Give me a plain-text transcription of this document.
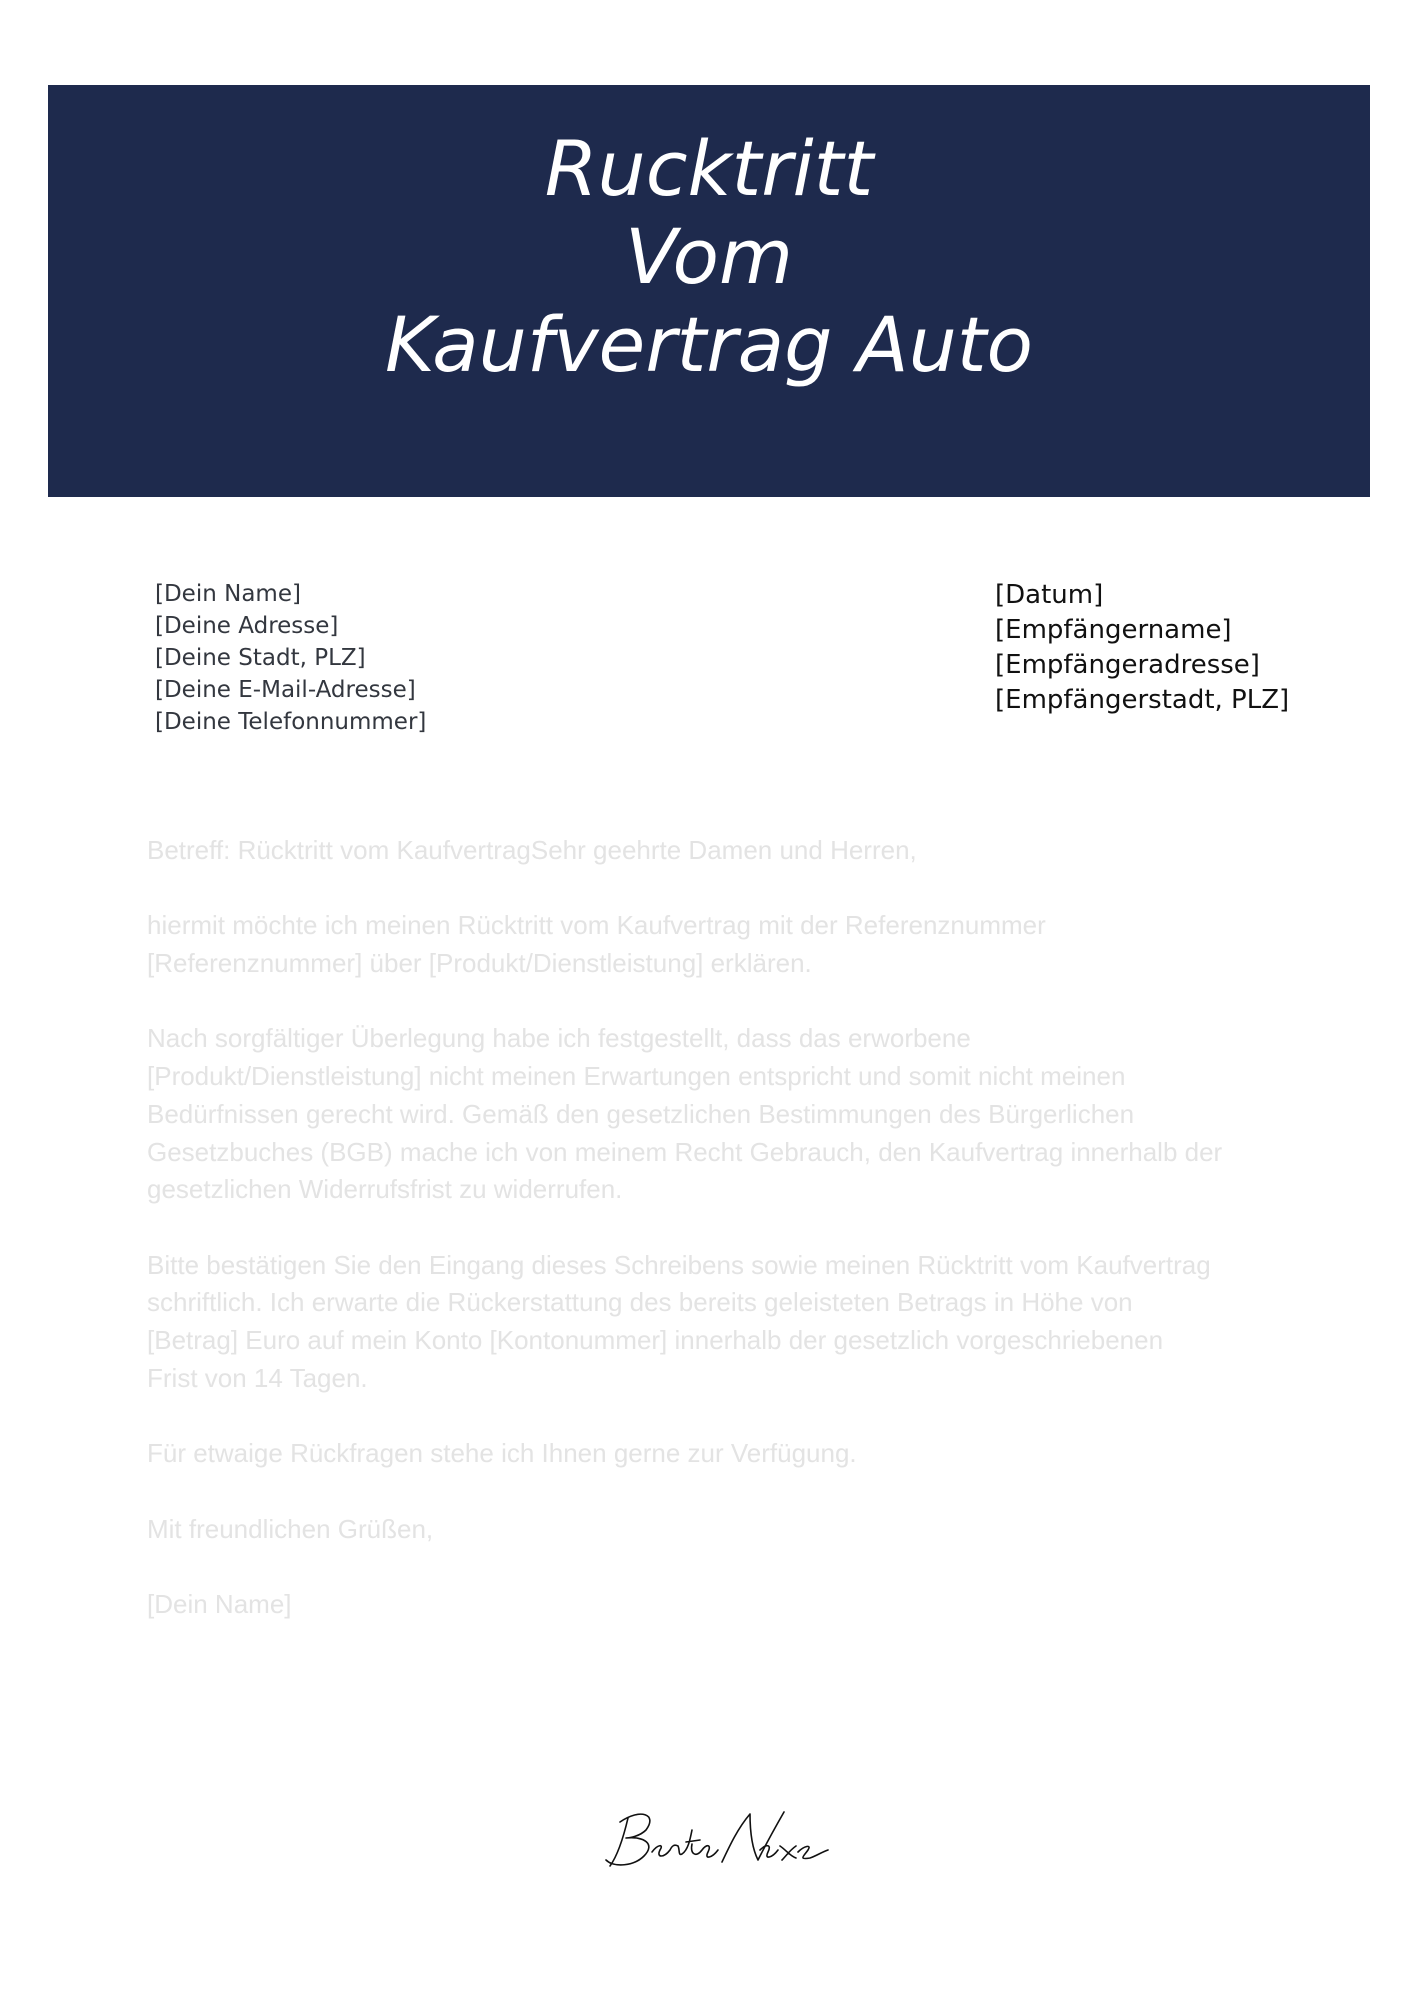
Rucktritt
Vom
Kaufvertrag Auto
[Dein Name]
[Deine Adresse]
[Deine Stadt, PLZ]
[Deine E-Mail-Adresse]
[Deine Telefonnummer]
[Datum]
[Empfängername]
[Empfängeradresse]
[Empfängerstadt, PLZ]

Betreff: Rücktritt vom KaufvertragSehr geehrte Damen und Herren,

hiermit möchte ich meinen Rücktritt vom Kaufvertrag mit der Referenznummer
[Referenznummer] über [Produkt/Dienstleistung] erklären.

Nach sorgfältiger Überlegung habe ich festgestellt, dass das erworbene
[Produkt/Dienstleistung] nicht meinen Erwartungen entspricht und somit nicht meinen
Bedürfnissen gerecht wird. Gemäß den gesetzlichen Bestimmungen des Bürgerlichen
Gesetzbuches (BGB) mache ich von meinem Recht Gebrauch, den Kaufvertrag innerhalb der
gesetzlichen Widerrufsfrist zu widerrufen.

Bitte bestätigen Sie den Eingang dieses Schreibens sowie meinen Rücktritt vom Kaufvertrag
schriftlich. Ich erwarte die Rückerstattung des bereits geleisteten Betrags in Höhe von
[Betrag] Euro auf mein Konto [Kontonummer] innerhalb der gesetzlich vorgeschriebenen
Frist von 14 Tagen.

Für etwaige Rückfragen stehe ich Ihnen gerne zur Verfügung.

Mit freundlichen Grüßen,

[Dein Name]
